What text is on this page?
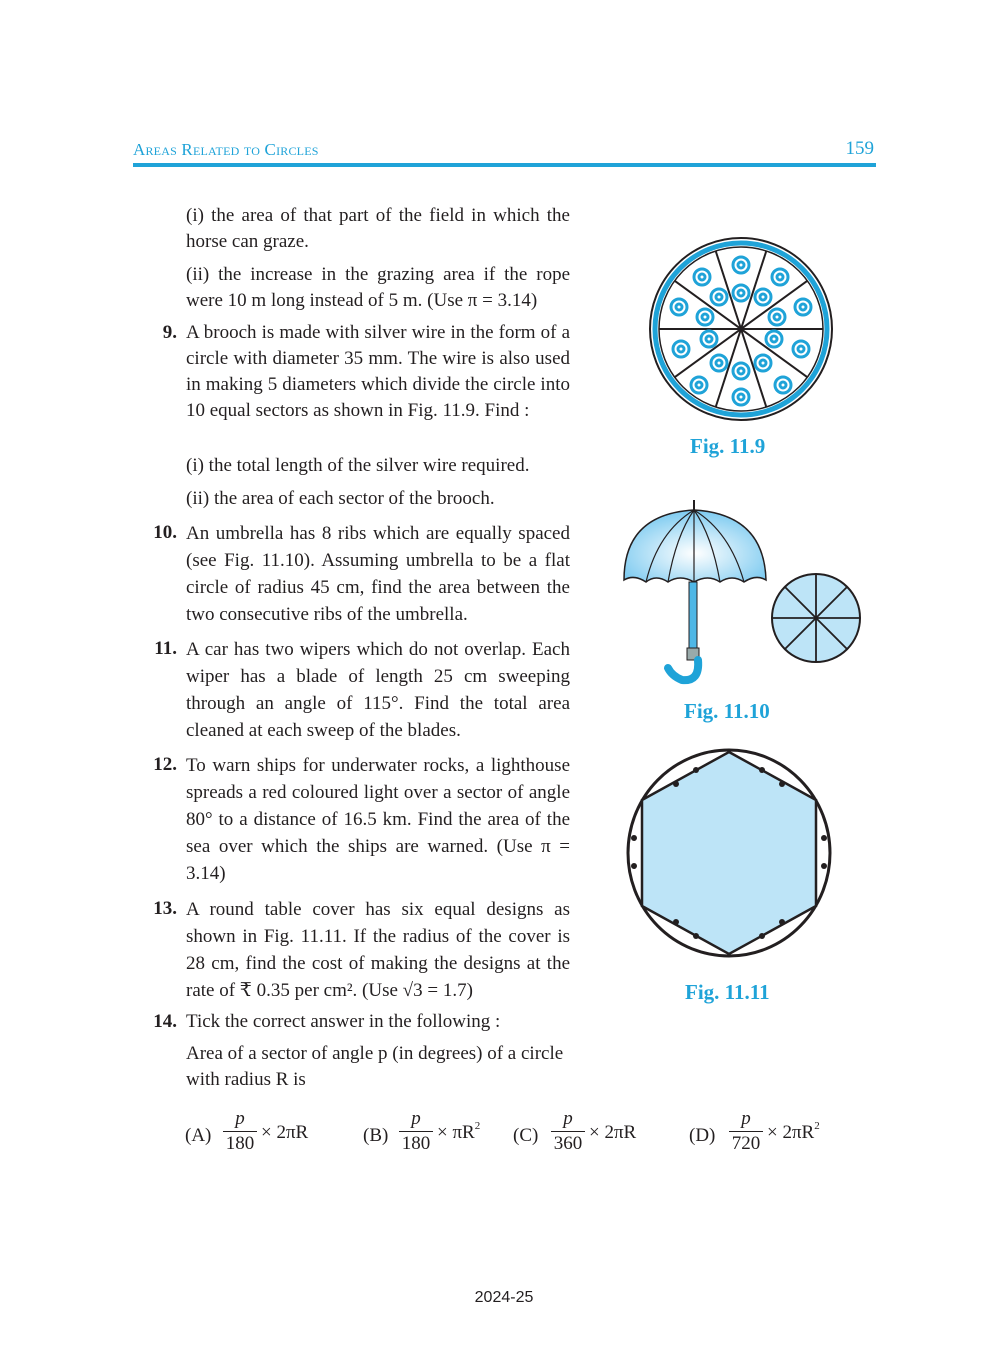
Areas Related to Circles	159
(i) the area of that part of the field in which the horse can graze.
(ii) the increase in the grazing area if the rope were 10 m long instead of 5 m. (Use π = 3.14)
9. A brooch is made with silver wire in the form of a circle with diameter 35 mm. The wire is also used in making 5 diameters which divide the circle into 10 equal sectors as shown in Fig. 11.9. Find :
(i) the total length of the silver wire required.
(ii) the area of each sector of the brooch.
10. An umbrella has 8 ribs which are equally spaced (see Fig. 11.10). Assuming umbrella to be a flat circle of radius 45 cm, find the area between the two consecutive ribs of the umbrella.
11. A car has two wipers which do not overlap. Each wiper has a blade of length 25 cm sweeping through an angle of 115°. Find the total area cleaned at each sweep of the blades.
12. To warn ships for underwater rocks, a lighthouse spreads a red coloured light over a sector of angle 80° to a distance of 16.5 km. Find the area of the sea over which the ships are warned. (Use π = 3.14)
13. A round table cover has six equal designs as shown in Fig. 11.11. If the radius of the cover is 28 cm, find the cost of making the designs at the rate of ₹ 0.35 per cm². (Use √3 = 1.7)
14. Tick the correct answer in the following :
Area of a sector of angle p (in degrees) of a circle with radius R is
(A)
p
180
× 2πR	(B)
p
180
× $\pi R^2$ (C)
p
360
× 2πR	(D)
p
720
× $2\pi R^2$
Fig. 11.9
Fig. 11.10
Fig. 11.11
2024-25
